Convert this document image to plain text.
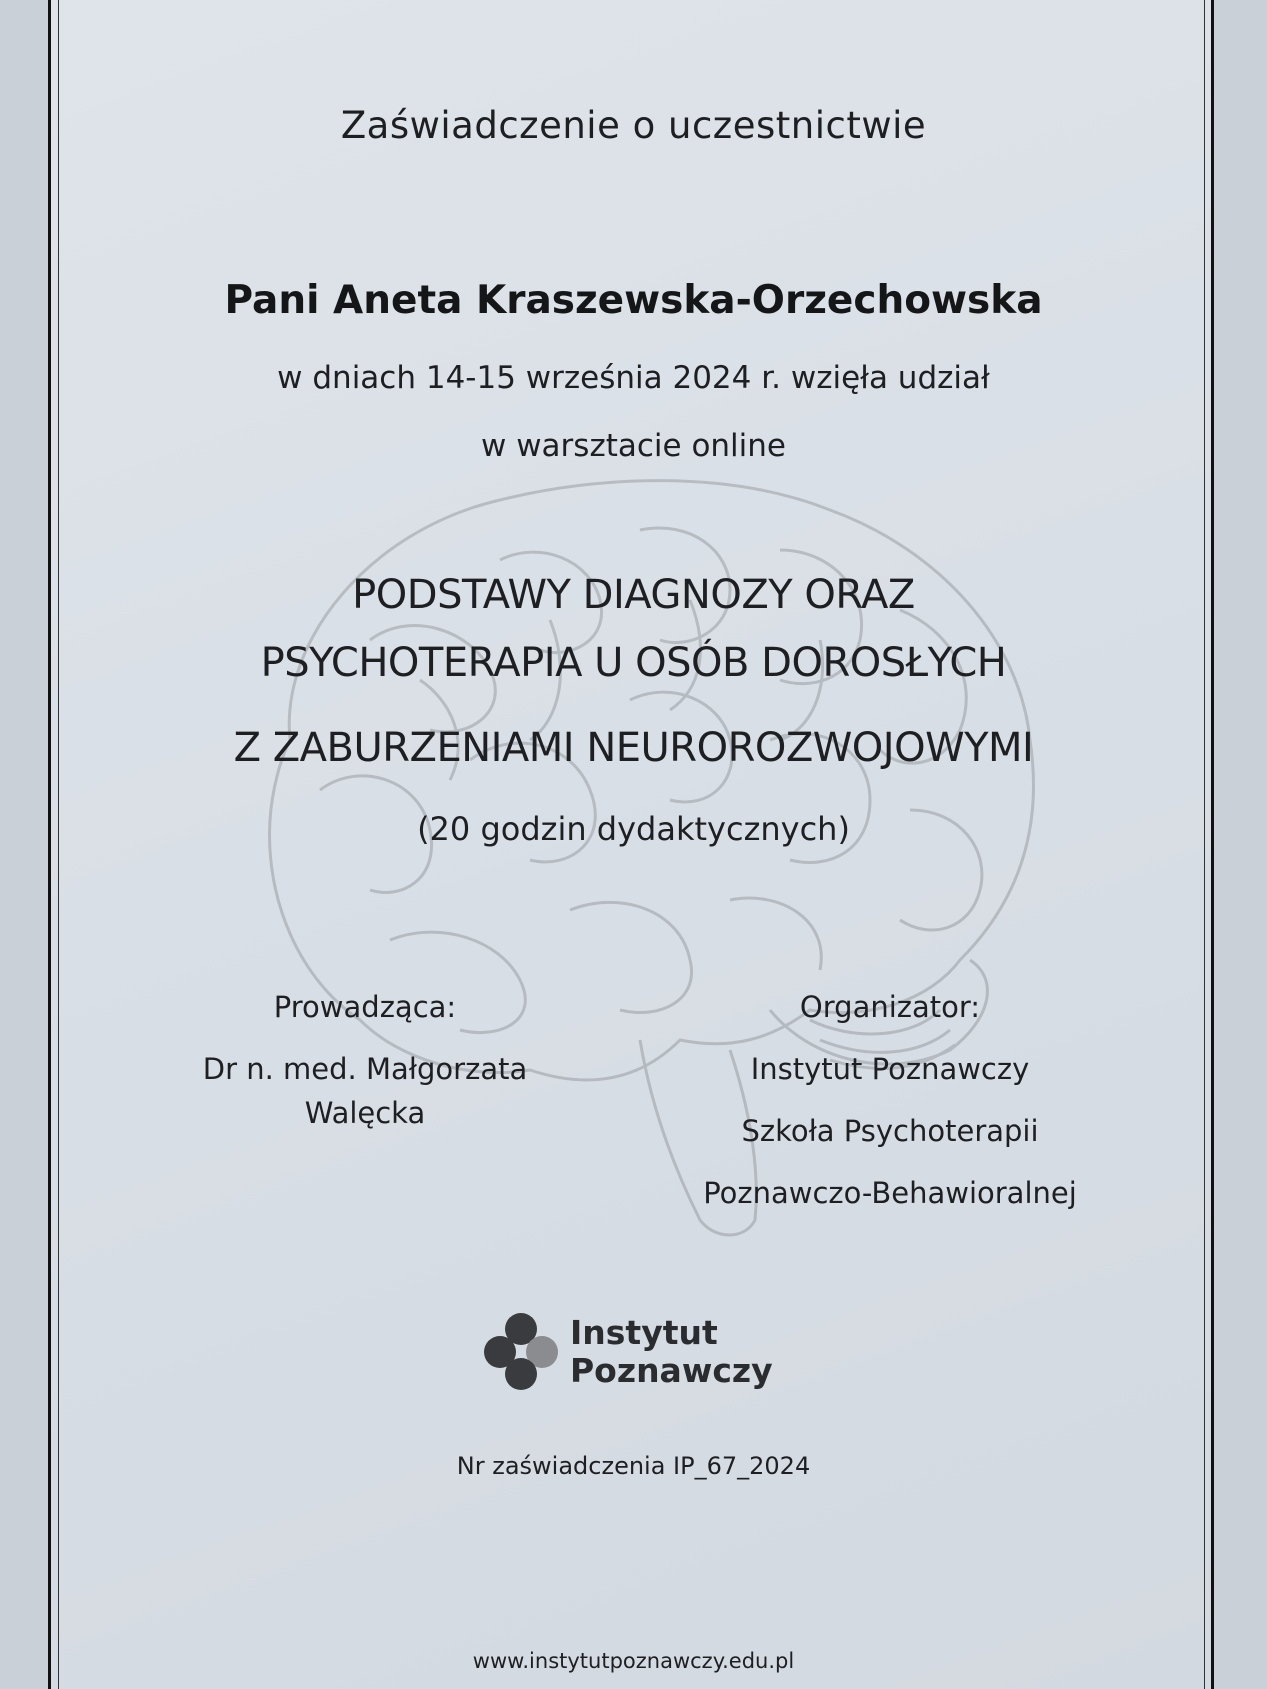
Zaświadczenie o uczestnictwie
Pani Aneta Kraszewska-Orzechowska
w dniach 14-15 września 2024 r. wzięła udział
w warsztacie online
PODSTAWY DIAGNOZY ORAZ
PSYCHOTERAPIA U OSÓB DOROSŁYCH
Z ZABURZENIAMI NEUROROZWOJOWYMI
(20 godzin dydaktycznych)
Prowadząca:
Dr n. med. Małgorzata
Walęcka
Organizator:
Instytut Poznawczy
Szkoła Psychoterapii
Poznawczo-Behawioralnej
Instytut
Poznawczy
Nr zaświadczenia IP_67_2024
www.instytutpoznawczy.edu.pl
